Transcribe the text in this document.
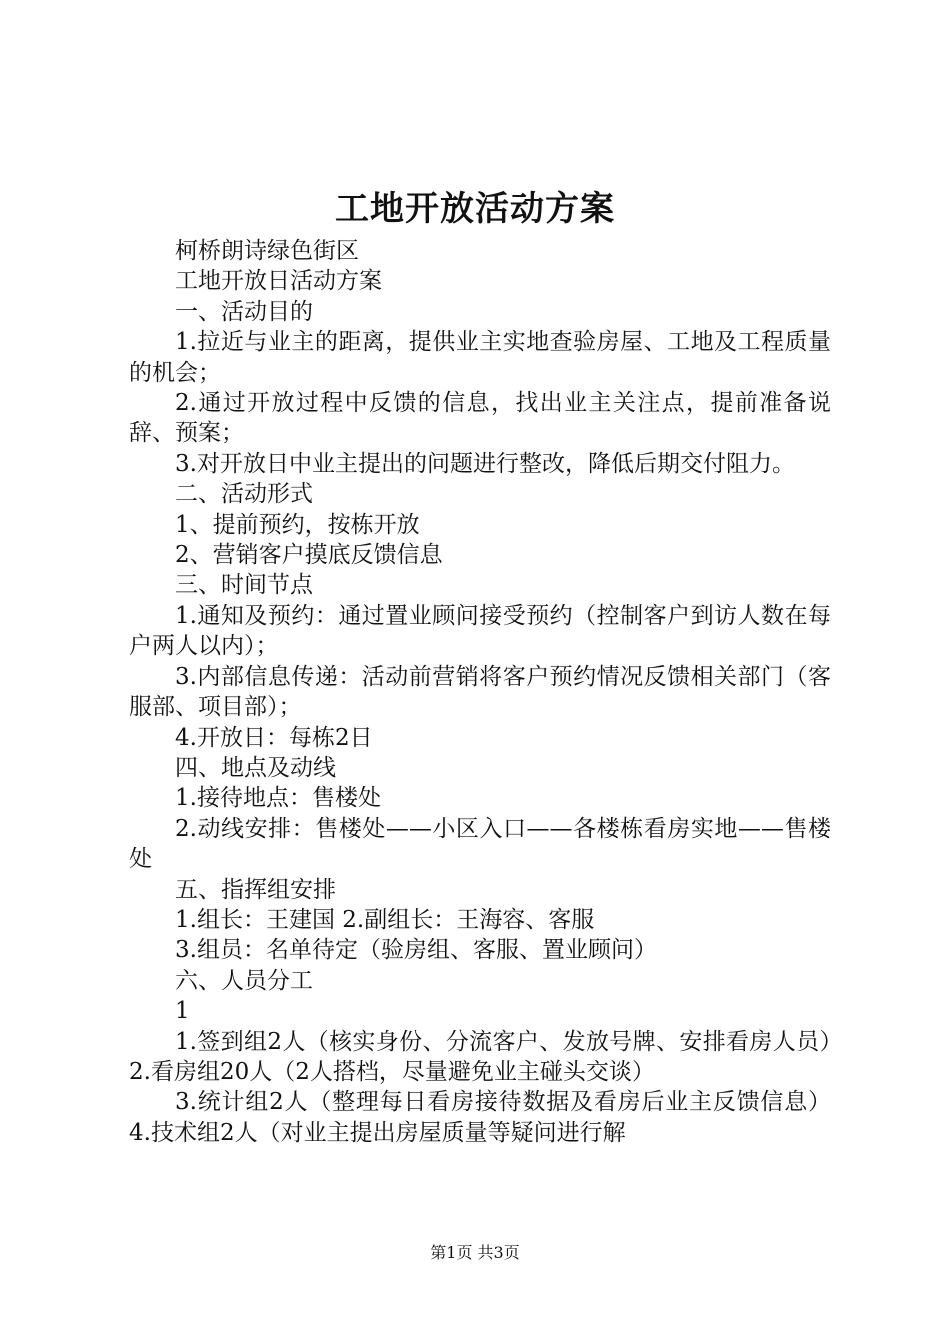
工地开放活动方案

柯桥朗诗绿色街区

工地开放日活动方案

一、活动目的

1.拉近与业主的距离，提供业主实地查验房屋、工地及工程质量的机会；

2.通过开放过程中反馈的信息，找出业主关注点，提前准备说辞、预案；

3.对开放日中业主提出的问题进行整改，降低后期交付阻力。

二、活动形式

1、提前预约，按栋开放

2、营销客户摸底反馈信息

三、时间节点

1.通知及预约：通过置业顾问接受预约（控制客户到访人数在每户两人以内）；

3.内部信息传递：活动前营销将客户预约情况反馈相关部门（客服部、项目部）；

4.开放日：每栋2日

四、地点及动线

1.接待地点：售楼处

2.动线安排：售楼处——小区入口——各楼栋看房实地——售楼处

五、指挥组安排

1.组长：王建国 2.副组长：王海容、客服

3.组员：名单待定（验房组、客服、置业顾问）

六、人员分工

1

1.签到组2人（核实身份、分流客户、发放号牌、安排看房人员）2.看房组20人（2人搭档，尽量避免业主碰头交谈）

3.统计组2人（整理每日看房接待数据及看房后业主反馈信息）4.技术组2人（对业主提出房屋质量等疑问进行解

第1页 共3页
